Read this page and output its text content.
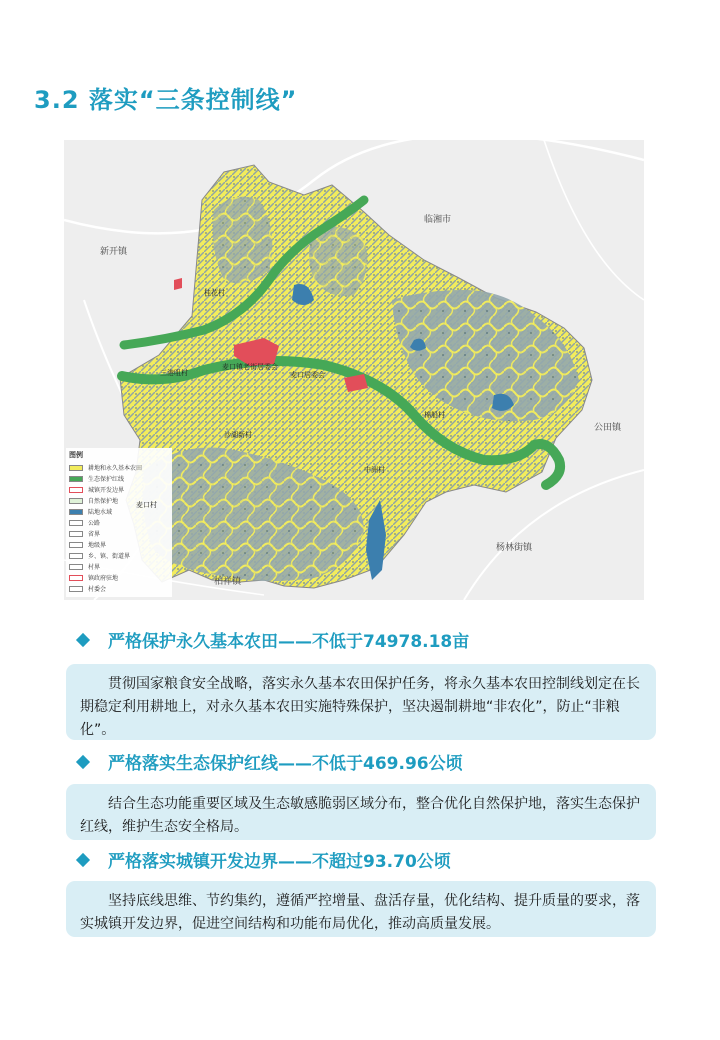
3.2 落实“三条控制线”
图例
耕地和永久基本农田
生态保护红线
城镇开发边界
自然保护地
陆地水域
公路
省界
地级界
乡、镇、街道界
村界
镇政府驻地
村委会
新开镇
临湘市
公田镇
杨林街镇
柏祥镇
三港咀村
麦口镇老街居委会
麦口居委会
沙湖新村
棉船村
中洲村
麦口村
桂花村
严格保护永久基本农田——不低于74978.18亩
贯彻国家粮食安全战略，落实永久基本农田保护任务，将永久基本农田控制线划定在长期稳定利用耕地上，对永久基本农田实施特殊保护，坚决遏制耕地“非农化”，防止“非粮化”。
严格落实生态保护红线——不低于469.96公顷
结合生态功能重要区域及生态敏感脆弱区域分布，整合优化自然保护地，落实生态保护红线，维护生态安全格局。
严格落实城镇开发边界——不超过93.70公顷
坚持底线思维、节约集约，遵循严控增量、盘活存量，优化结构、提升质量的要求，落实城镇开发边界，促进空间结构和功能布局优化，推动高质量发展。
